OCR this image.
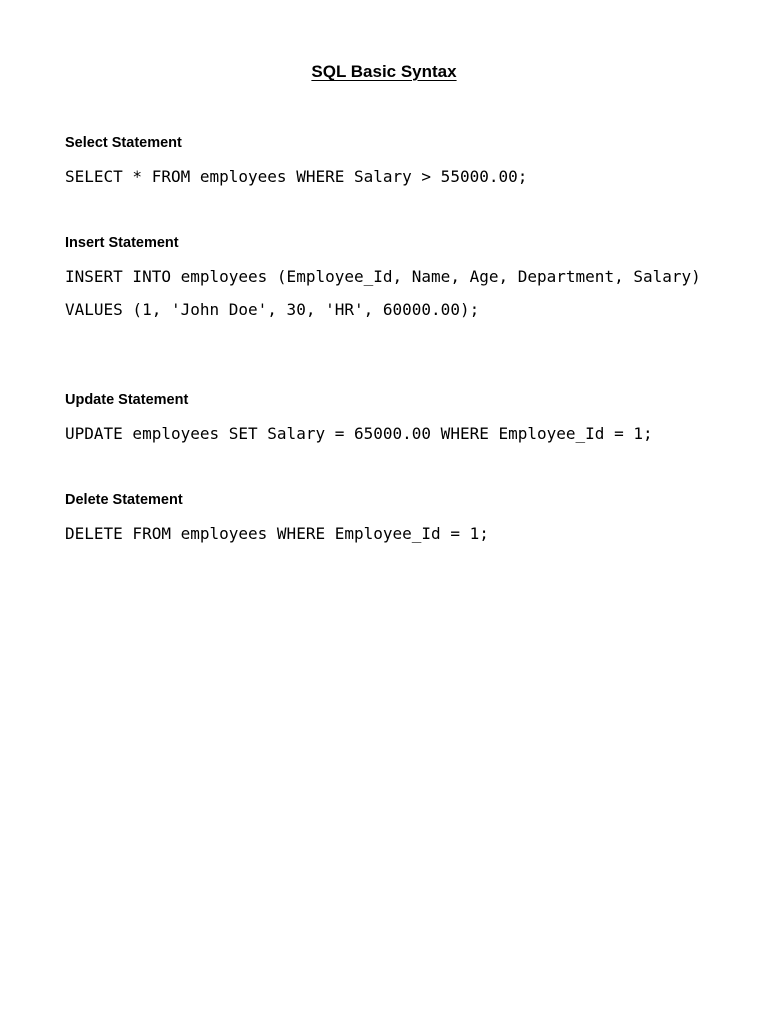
SQL Basic Syntax

Select Statement

SELECT * FROM employees WHERE Salary > 55000.00;

Insert Statement

INSERT INTO employees (Employee_Id, Name, Age, Department, Salary)

VALUES (1, 'John Doe', 30, 'HR', 60000.00);

Update Statement

UPDATE employees SET Salary = 65000.00 WHERE Employee_Id = 1;

Delete Statement

DELETE FROM employees WHERE Employee_Id = 1;
